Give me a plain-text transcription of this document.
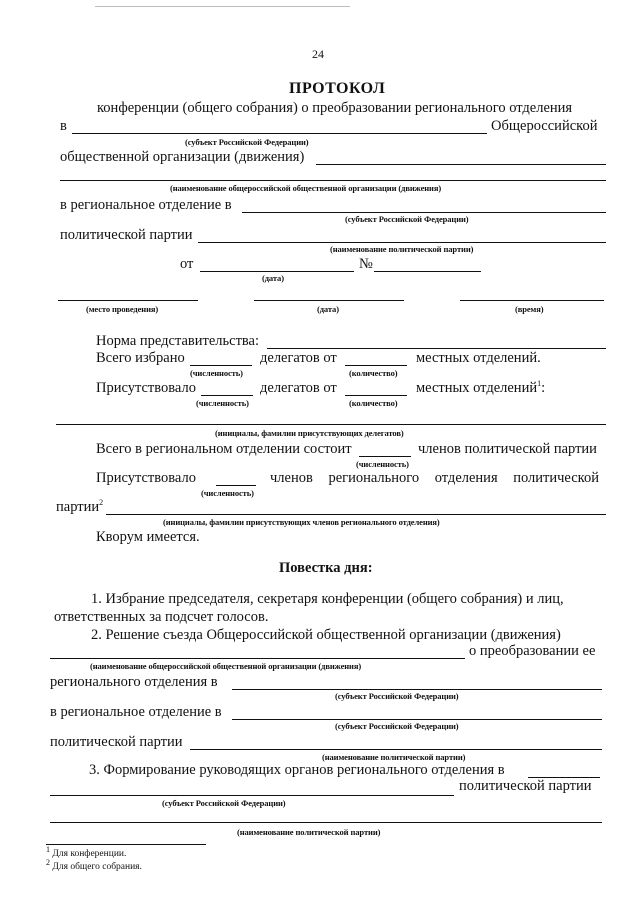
24
ПРОТОКОЛ
конференции (общего собрания) о преобразовании регионального отделения
в	Общероссийской
(субъект Российской Федерации)
общественной организации (движения)
(наименование общероссийской общественной организации (движения)
в региональное отделение в
(субъект Российской Федерации)
политической партии
(наименование политической партии)
от	№
(дата)
(место проведения)	(дата)	(время)
Норма представительства:
Всего избрано	делегатов от	местных отделений.
(численность)	(количество)
Присутствовало	делегатов от	местных отделений$^1$:
(численность)	(количество)
(инициалы, фамилии присутствующих делегатов)
Всего в региональном отделении состоит	членов политической партии
(численность)
Присутствовало	членов регионального отделения политической
(численность)
партии$^2$
(инициалы, фамилии присутствующих членов регионального отделения)
Кворум имеется.
Повестка дня:
1. Избрание председателя, секретаря конференции (общего собрания) и лиц,
ответственных за подсчет голосов.
2. Решение съезда Общероссийской общественной организации (движения)
о преобразовании ее
(наименование общероссийской общественной организации (движения)
регионального отделения в
(субъект Российской Федерации)
в региональное отделение в
(субъект Российской Федерации)
политической партии
(наименование политической партии)
3. Формирование руководящих органов регионального отделения в
политической партии
(субъект Российской Федерации)
(наименование политической партии)
$^1$ Для конференции.
$^2$ Для общего собрания.
